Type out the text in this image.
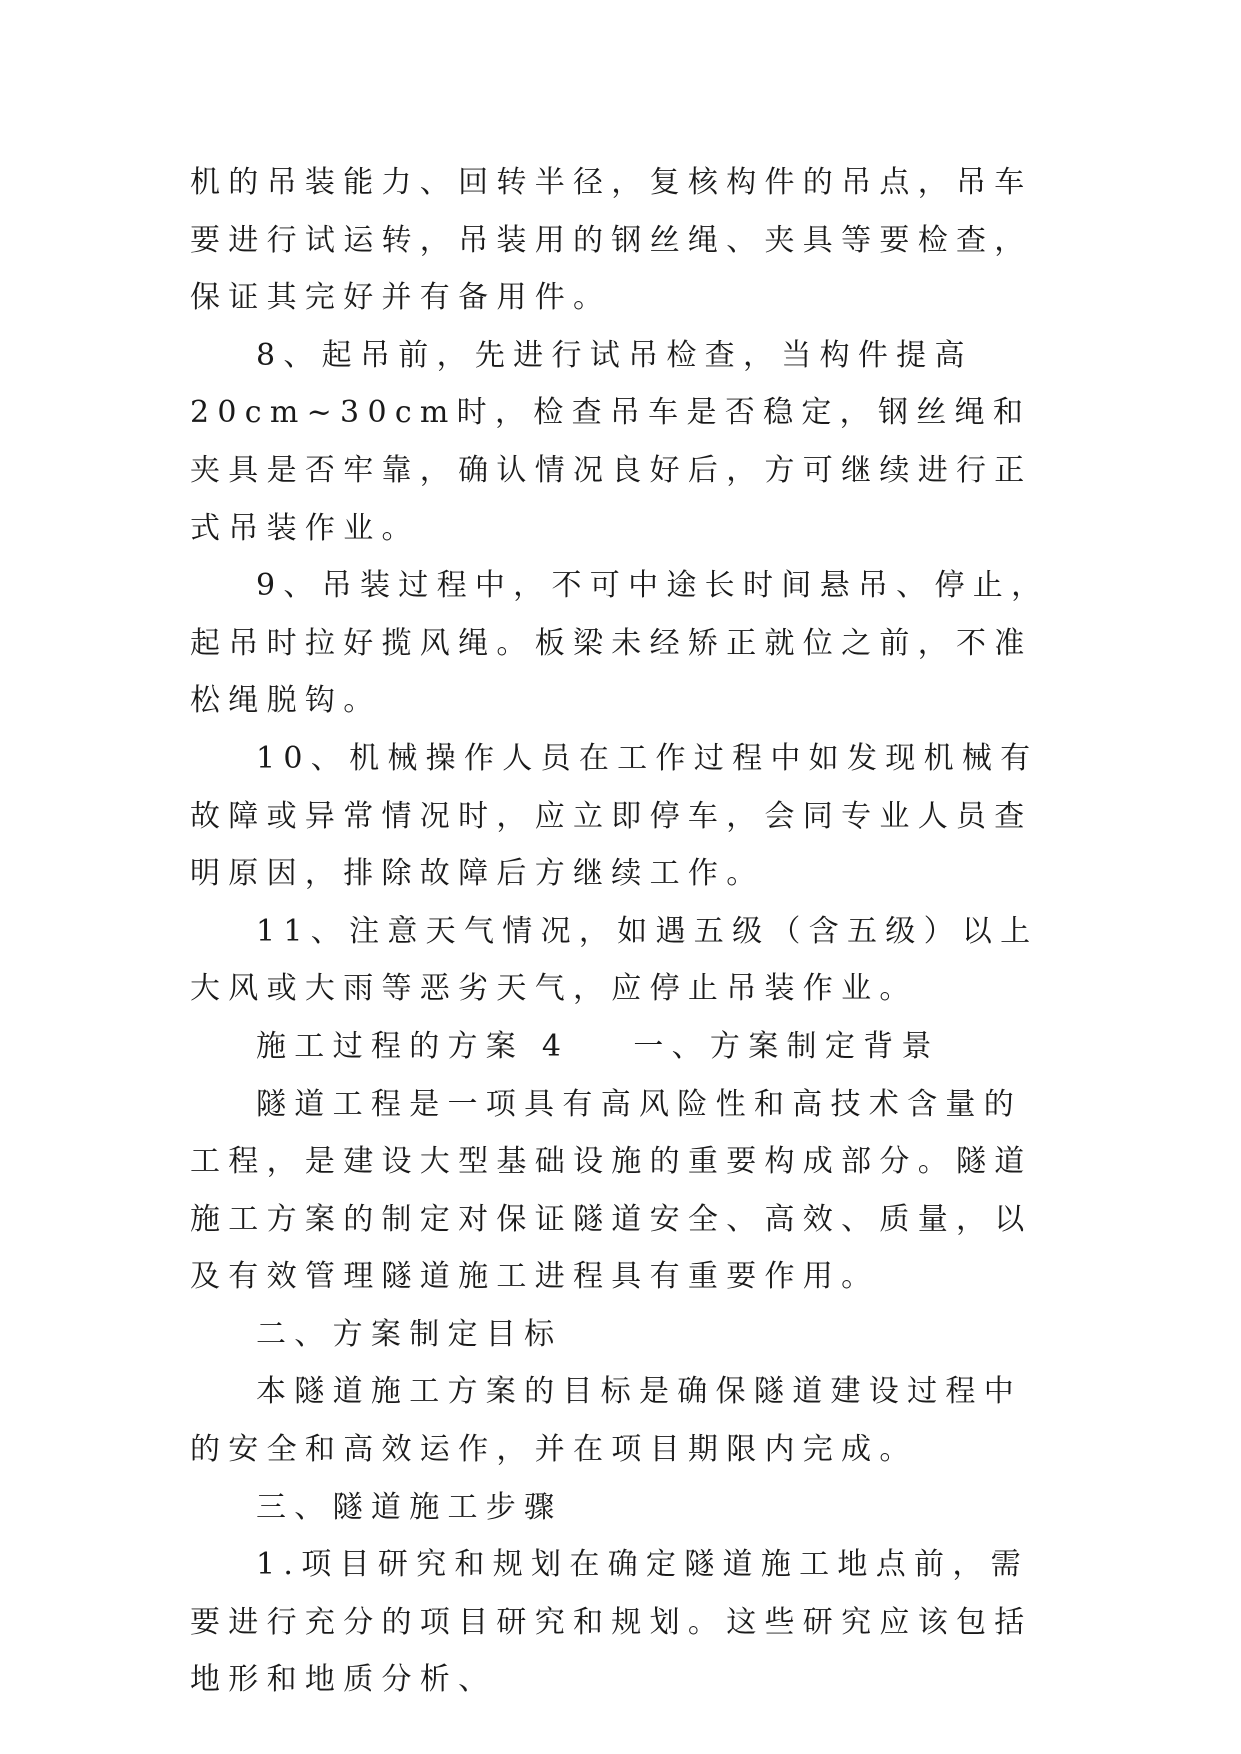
机的吊装能力、回转半径，复核构件的吊点，吊车要进行试运转，吊装用的钢丝绳、夹具等要检查，保证其完好并有备用件。

8、起吊前，先进行试吊检查，当构件提高20cm~30cm时，检查吊车是否稳定，钢丝绳和夹具是否牢靠，确认情况良好后，方可继续进行正式吊装作业。

9、吊装过程中，不可中途长时间悬吊、停止，起吊时拉好揽风绳。板梁未经矫正就位之前，不准松绳脱钩。

10、机械操作人员在工作过程中如发现机械有故障或异常情况时，应立即停车，会同专业人员查明原因，排除故障后方继续工作。

11、注意天气情况，如遇五级（含五级）以上大风或大雨等恶劣天气，应停止吊装作业。

施工过程的方案 4 一、方案制定背景

隧道工程是一项具有高风险性和高技术含量的工程，是建设大型基础设施的重要构成部分。隧道施工方案的制定对保证隧道安全、高效、质量，以及有效管理隧道施工进程具有重要作用。

二、方案制定目标

本隧道施工方案的目标是确保隧道建设过程中的安全和高效运作，并在项目期限内完成。

三、隧道施工步骤

1.项目研究和规划在确定隧道施工地点前，需要进行充分的项目研究和规划。这些研究应该包括地形和地质分析、
